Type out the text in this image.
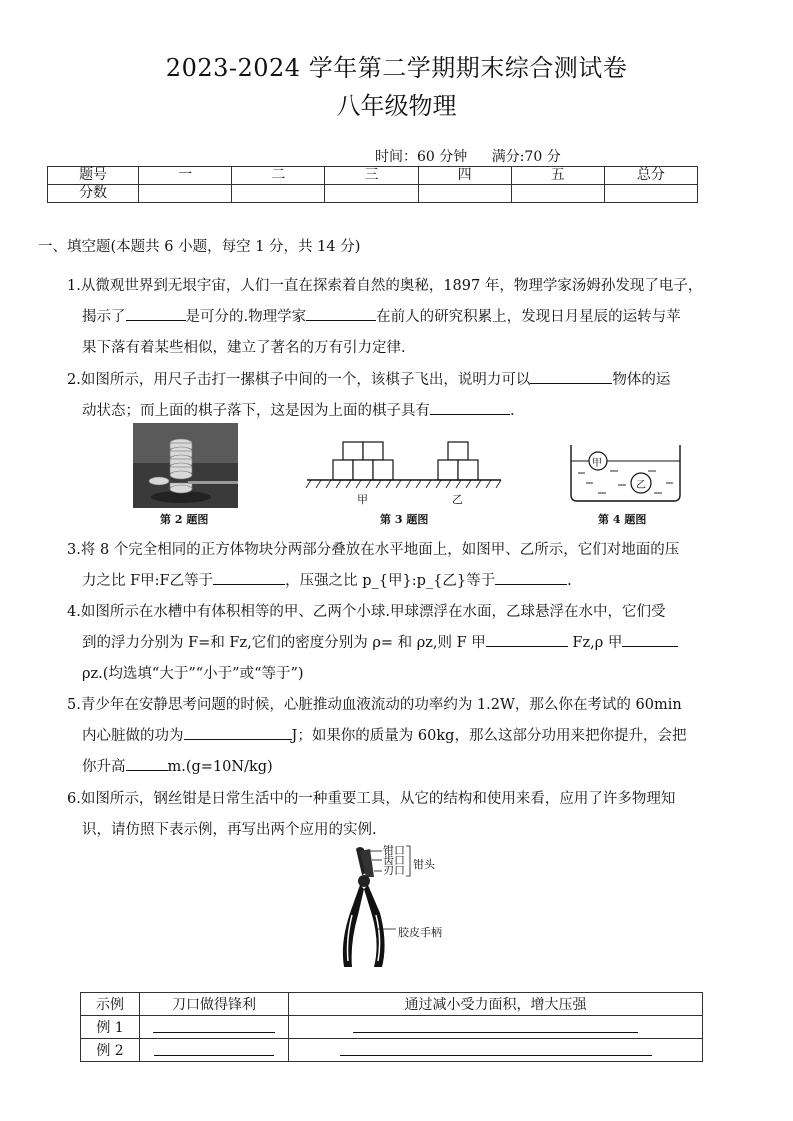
2023-2024 学年第二学期期末综合测试卷
八年级物理
时间：60 分钟 满分:70 分
题号	一	二	三	四	五	总分
分数						
一、填空题(本题共 6 小题，每空 1 分，共 14 分)
1.从微观世界到无垠宇宙，人们一直在探索着自然的奥秘，1897 年，物理学家汤姆孙发现了电子，
揭示了	是可分的.物理学家	在前人的研究积累上，发现日月星辰的运转与苹
果下落有着某些相似，建立了著名的万有引力定律.
2.如图所示，用尺子击打一摞棋子中间的一个，该棋子飞出，说明力可以	物体的运
动状态；而上面的棋子落下，这是因为上面的棋子具有	.
第 2 题图
甲	乙
第 3 题图
甲
乙
第 4 题图
3.将 8 个完全相同的正方体物块分两部分叠放在水平地面上，如图甲、乙所示，它们对地面的压
力之比 F甲:F乙等于	，压强之比 p_{甲}:p_{乙}等于	.
4.如图所示在水槽中有体积相等的甲、乙两个小球.甲球漂浮在水面，乙球悬浮在水中，它们受
到的浮力分别为 F=和 Fz,它们的密度分别为 ρ= 和 ρz,则 F 甲	Fz,ρ 甲
ρz.(均选填“大于”“小于”或“等于”)
5.青少年在安静思考问题的时候，心脏推动血液流动的功率约为 1.2W，那么你在考试的 60min
内心脏做的功为	J；如果你的质量为 60kg，那么这部分功用来把你提升，会把
你升高	m.(g=10N/kg)
6.如图所示，钢丝钳是日常生活中的一种重要工具，从它的结构和使用来看，应用了许多物理知
识，请仿照下表示例，再写出两个应用的实例.
钳口
齿口
刃口 钳头
胶皮手柄
示例	刀口做得锋利	通过减小受力面积，增大压强
例 1		
例 2		
